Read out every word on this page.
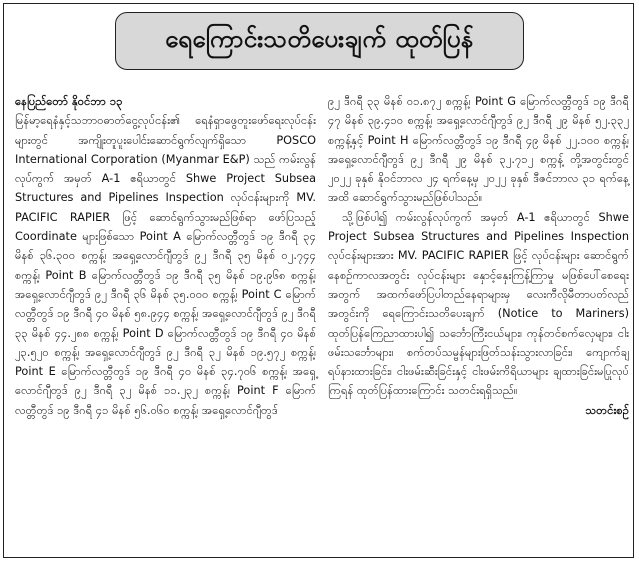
ရေကြောင်းသတိပေးချက် ထုတ်ပြန်

နေပြည်တော် နိုဝင်ဘာ ၁၃

မြန်မာ့ရေနံနှင့်သဘာဝဓာတ်ငွေ့လုပ်ငန်း၏ ရေနံရှာဖွေတူးဖော်ရေးလုပ်ငန်းများတွင် အကျိုးတူပူးပေါင်းဆောင်ရွက်လျက်ရှိသော POSCO International Corporation (Myanmar E&P) သည် ကမ်းလွန်လုပ်ကွက် အမှတ် A-1 ဧရိယာတွင် Shwe Project Subsea Structures and Pipelines Inspection လုပ်ငန်းများကို MV. PACIFIC RAPIER ဖြင့် ဆောင်ရွက်သွားမည်ဖြစ်ရာ ဖော်ပြသည့် Coordinate များဖြစ်သော Point A မြောက်လတ္တီတွဒ် ၁၉ ဒီဂရီ ၃၄ မိနစ် ၃၆.၃၀၀ စက္ကန့်၊ အရှေ့လောင်ဂျီတွဒ် ၉၂ ဒီဂရီ ၃၅ မိနစ် ၀၂.၇၄၄ စက္ကန့်၊ Point B မြောက်လတ္တီတွဒ် ၁၉ ဒီဂရီ ၃၅ မိနစ် ၁၉.၉၆၈ စက္ကန့်၊ အရှေ့လောင်ဂျီတွဒ် ၉၂ ဒီဂရီ ၃၆ မိနစ် ၃၅.၀၀၀ စက္ကန့်၊ Point C မြောက်လတ္တီတွဒ် ၁၉ ဒီဂရီ ၄၀ မိနစ် ၅၈.၉၄၄ စက္ကန့်၊ အရှေ့လောင်ဂျီတွဒ် ၉၂ ဒီဂရီ ၃၃ မိနစ် ၄၄.၂၈၈ စက္ကန့်၊ Point D မြောက်လတ္တီတွဒ် ၁၉ ဒီဂရီ ၄၀ မိနစ် ၂၃.၅၂၀ စက္ကန့်၊ အရှေ့လောင်ဂျီတွဒ် ၉၂ ဒီဂရီ ၃၂ မိနစ် ၁၉.၅၇၂ စက္ကန့်၊ Point E မြောက်လတ္တီတွဒ် ၁၉ ဒီဂရီ ၄၀ မိနစ် ၃၄.၇၀၆ စက္ကန့်၊ အရှေ့လောင်ဂျီတွဒ် ၉၂ ဒီဂရီ ၃၂ မိနစ် ၁၁.၂၃၂ စက္ကန့်၊ Point F မြောက်လတ္တီတွဒ် ၁၉ ဒီဂရီ ၄၁ မိနစ် ၅၆.၀၆၀ စက္ကန့်၊ အရှေ့လောင်ဂျီတွဒ်

၉၂ ဒီဂရီ ၃၃ မိနစ် ၀၁.၈၇၂ စက္ကန့်၊ Point G မြောက်လတ္တီတွဒ် ၁၉ ဒီဂရီ ၄၇ မိနစ် ၃၉.၄၁၀ စက္ကန့်၊ အရှေ့လောင်ဂျီတွဒ် ၉၂ ဒီဂရီ ၂၉ မိနစ် ၅၂.၃၃၂ စက္ကန့်နှင့် Point H မြောက်လတ္တီတွဒ် ၁၉ ဒီဂရီ ၄၉ မိနစ် ၂၂.၁၀၀ စက္ကန့်၊ အရှေ့လောင်ဂျီတွဒ် ၉၂ ဒီဂရီ ၂၉ မိနစ် ၃၂.၇၁၂ စက္ကန့် တို့အတွင်းတွင် ၂၀၂၂ ခုနှစ် နိုဝင်ဘာလ ၂၄ ရက်နေ့မှ ၂၀၂၂ ခုနှစ် ဒီဇင်ဘာလ ၃၁ ရက်နေ့အထိ ဆောင်ရွက်သွားမည်ဖြစ်ပါသည်။

သို့ဖြစ်ပါ၍ ကမ်းလွန်လုပ်ကွက် အမှတ် A-1 ဧရိယာတွင် Shwe Project Subsea Structures and Pipelines Inspection လုပ်ငန်းများအား MV. PACIFIC RAPIER ဖြင့် လုပ်ငန်းများ ဆောင်ရွက်နေစဉ်ကာလအတွင်း လုပ်ငန်းများ နှောင့်နှေးကြန့်ကြာမှု မဖြစ်ပေါ်စေရေးအတွက် အထက်ဖော်ပြပါတည်နေရာများမှ လေးကီလိုမီတာပတ်လည်အတွင်းကို ရေကြောင်းသတိပေးချက် (Notice to Mariners) ထုတ်ပြန်ကြေညာထားပါ၍ သင်္ဘောကြီးငယ်များ၊ ကုန်တင်စက်လှေများ၊ ငါးဖမ်းသင်္ဘောများ၊ စက်တပ်သမ္ဗန်များဖြတ်သန်းသွားလာခြင်း၊ ကျောက်ချရပ်နားထားခြင်း၊ ငါးဖမ်းဆီးခြင်းနှင့် ငါးဖမ်းကိရိယာများ ချထားခြင်းမပြုလုပ်ကြရန် ထုတ်ပြန်ထားကြောင်း သတင်းရရှိသည်။

သတင်းစဉ်
